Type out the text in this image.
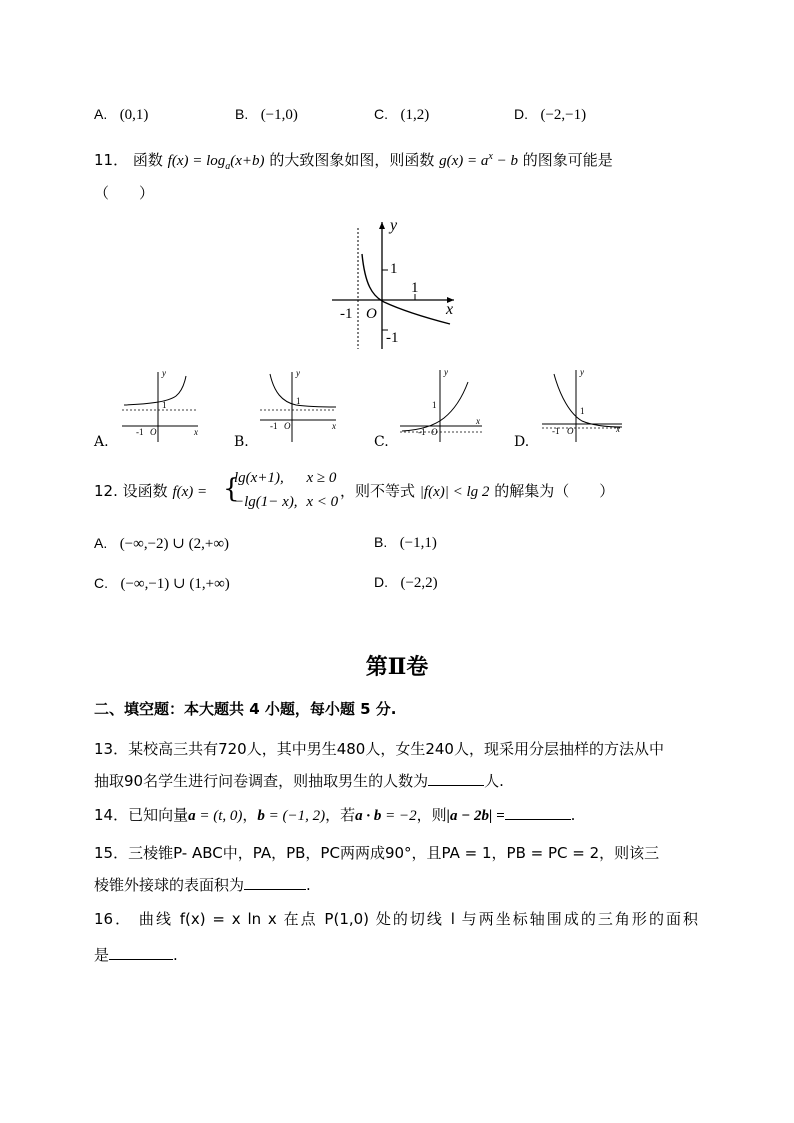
A. (0,1)	B. (−1,0)	C. (1,2)	D. (−2,−1)
11． 函数 $f(x) = \log_a(x+b)$ 的大致图象如图，则函数 $g(x) = a^x - b$ 的图象可能是
（　　）
y
x
1
1
-1 O
-1
A.
y
x
1
-1 O
B.
y
x
1
-1 O
C.
y
x
1
-1 O
D.
y
x
1
-1 O
12. 设函数 f(x) = {
lg(x+1), x ≥ 0
−lg(1− x), x < 0
，则不等式 |f(x)| < lg 2 的解集为（　　）
A. (−∞,−2) ∪ (2,+∞)	B. (−1,1)
C. (−∞,−1) ∪ (1,+∞)	D. (−2,2)
第Ⅱ卷
二、填空题：本大题共 4 小题，每小题 5 分.
13．某校高三共有720人，其中男生480人，女生240人，现采用分层抽样的方法从中
抽取90名学生进行问卷调查，则抽取男生的人数为	人.
14．已知向量a = (t, 0)，b = (−1, 2)，若a · b = −2，则|a − 2b| =	.
15．三棱锥P- ABC中，PA，PB，PC两两成90°，且PA = 1，PB = PC = 2，则该三
棱锥外接球的表面积为	.
16． 曲线 f(x) = x ln x 在点 P(1,0) 处的切线 l 与两坐标轴围成的三角形的面积
是	.
